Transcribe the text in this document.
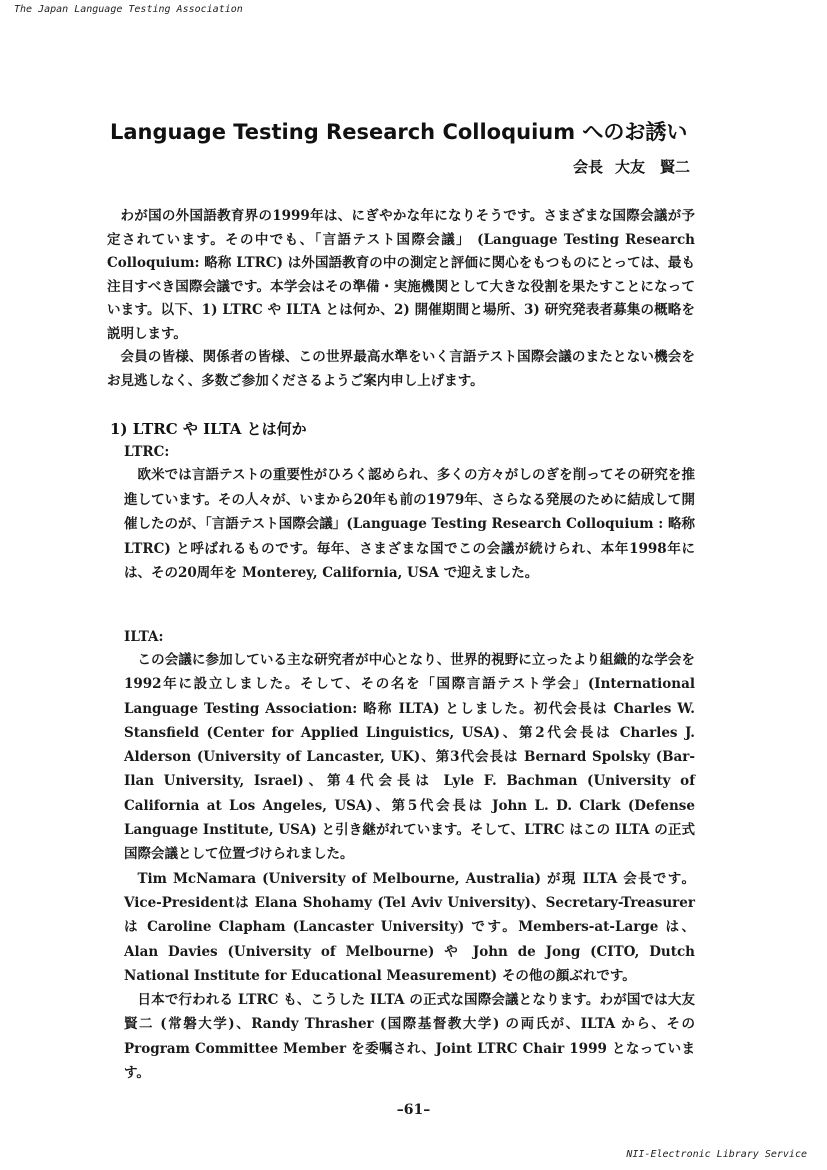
The Japan Language Testing Association
Language Testing Research Colloquium へのお誘い
会長 大友　賢二

わが国の外国語教育界の1999年は、にぎやかな年になりそうです。さまざまな国際会議が予定されています。その中でも、「言語テスト国際会議」 (Language Testing Research Colloquium: 略称 LTRC) は外国語教育の中の測定と評価に関心をもつものにとっては、最も注目すべき国際会議です。本学会はその準備・実施機関として大きな役割を果たすことになっています。以下、1) LTRC や ILTA とは何か、2) 開催期間と場所、3) 研究発表者募集の概略を説明します。

会員の皆様、関係者の皆様、この世界最高水準をいく言語テスト国際会議のまたとない機会をお見逃しなく、多数ご参加くださるようご案内申し上げます。

1) LTRC や ILTA とは何か
LTRC:

欧米では言語テストの重要性がひろく認められ、多くの方々がしのぎを削ってその研究を推進しています。その人々が、いまから20年も前の1979年、さらなる発展のために結成して開催したのが、「言語テスト国際会議」(Language Testing Research Colloquium : 略称 LTRC) と呼ばれるものです。毎年、さまざまな国でこの会議が続けられ、本年1998年には、その20周年を Monterey, California, USA で迎えました。

ILTA:

この会議に参加している主な研究者が中心となり、世界的視野に立ったより組織的な学会を1992年に設立しました。そして、その名を「国際言語テスト学会」(International Language Testing Association: 略称 ILTA) としました。初代会長は Charles W. Stansfield (Center for Applied Linguistics, USA)、第2代会長は Charles J. Alderson (University of Lancaster, UK)、第3代会長は Bernard Spolsky (Bar-Ilan University, Israel)、第4代会長は Lyle F. Bachman (University of California at Los Angeles, USA)、第5代会長は John L. D. Clark (Defense Language Institute, USA) と引き継がれています。そして、LTRC はこの ILTA の正式国際会議として位置づけられました。

Tim McNamara (University of Melbourne, Australia) が現 ILTA 会長です。Vice-Presidentは Elana Shohamy (Tel Aviv University)、Secretary-Treasurer は Caroline Clapham (Lancaster University) です。Members-at-Large は、Alan Davies (University of Melbourne) や John de Jong (CITO, Dutch National Institute for Educational Measurement) その他の顔ぶれです。

日本で行われる LTRC も、こうした ILTA の正式な国際会議となります。わが国では大友賢二 (常磐大学)、Randy Thrasher (国際基督教大学) の両氏が、ILTA から、その Program Committee Member を委嘱され、Joint LTRC Chair 1999 となっています。

–61–
NII-Electronic Library Service
